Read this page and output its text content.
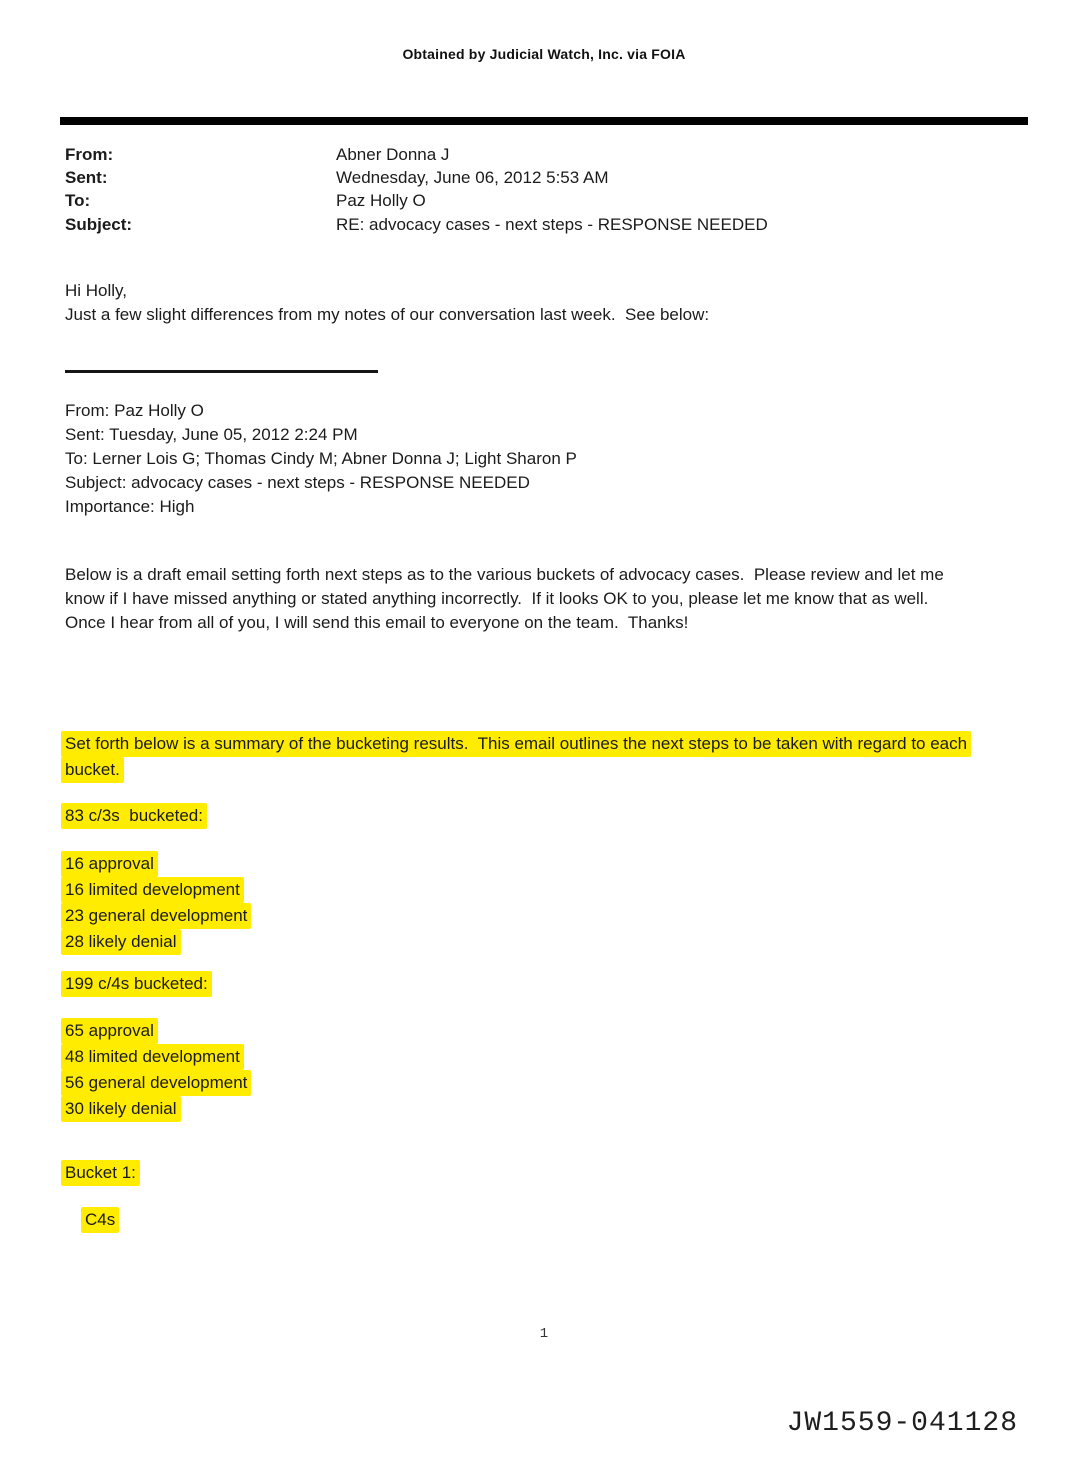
Obtained by Judicial Watch, Inc. via FOIA
From:	Abner Donna J
Sent:	Wednesday, June 06, 2012 5:53 AM
To:	Paz Holly O
Subject:	RE: advocacy cases - next steps - RESPONSE NEEDED
Hi Holly,
Just a few slight differences from my notes of our conversation last week.  See below:
From: Paz Holly O
Sent: Tuesday, June 05, 2012 2:24 PM
To: Lerner Lois G; Thomas Cindy M; Abner Donna J; Light Sharon P
Subject: advocacy cases - next steps - RESPONSE NEEDED
Importance: High
Below is a draft email setting forth next steps as to the various buckets of advocacy cases.  Please review and let me
know if I have missed anything or stated anything incorrectly.  If it looks OK to you, please let me know that as well.
Once I hear from all of you, I will send this email to everyone on the team.  Thanks!
Set forth below is a summary of the bucketing results.  This email outlines the next steps to be taken with regard to each
bucket.
83 c/3s  bucketed:
16 approval
16 limited development
23 general development
28 likely denial
199 c/4s bucketed:
65 approval
48 limited development
56 general development
30 likely denial
Bucket 1:
C4s
1
JW1559-041128
